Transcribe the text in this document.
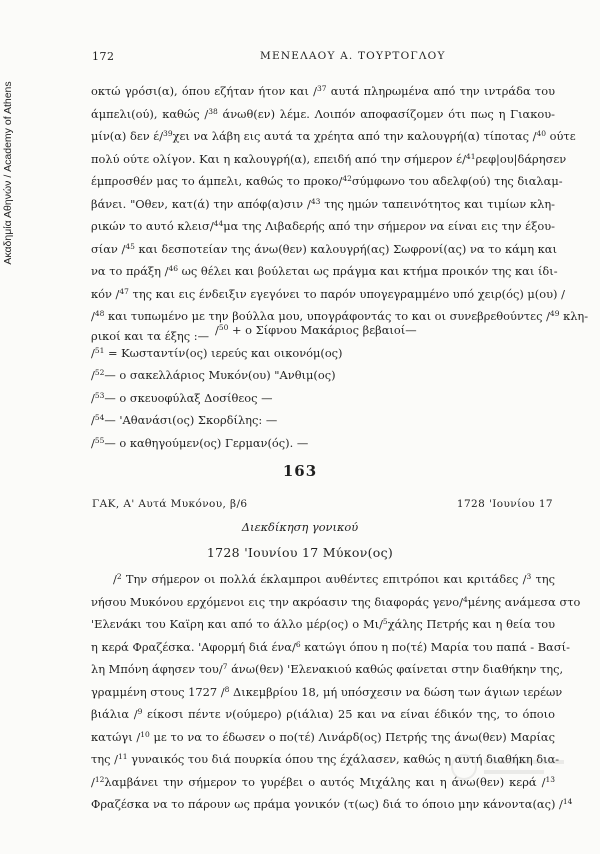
Ακαδημία Αθηνών / Academy of Athens
172	ΜΕΝΕΛΑΟΥ Α. ΤΟΥΡΤΟΓΛΟΥ
οκτώ γρόσι(α), όπου εζήταν ήτον και /$^{37}$ αυτά πληρωμένα από την ιντράδα του
άμπελι(ού), καθώς /$^{38}$ άνωθ(εν) λέμε. Λοιπόν αποφασίζομεν ότι πως η Γιακου-
μίν(α) δεν έ/$^{39}$χει να λάβη εις αυτά τα χρέητα από την καλουγρή(α) τίποτας /$^{40}$ ούτε
πολύ ούτε ολίγον. Και η καλουγρή(α), επειδή από την σήμερον έ/$^{41}$ρεφ|ου|δάρησεν
έμπροσθέν μας το άμπελι, καθώς το προκο/$^{42}$σύμφωνο του αδελφ(ού) της διαλαμ-
βάνει. "Οθεν, κατ(ά) την απόφ(α)σιν /$^{43}$ της ημών ταπεινότητος και τιμίων κλη-
ρικών το αυτό κλεισ/$^{44}$μα της Λιβαδερής από την σήμερον να είναι εις την έξου-
σίαν /$^{45}$ και δεσποτείαν της άνω(θεν) καλουγρή(ας) Σωφρονί(ας) να το κάμη και
να το πράξη /$^{46}$ ως θέλει και βούλεται ως πράγμα και κτήμα προικόν της και ίδι-
κόν /$^{47}$ της και εις ένδειξιν εγεγόνει το παρόν υπογεγραμμένο υπό χειρ(ός) μ(ου) /
/$^{48}$ και τυπωμένο με την βούλλα μου, υπογράφοντάς το και οι συνεβρεθούντες /$^{49}$ κλη-
ρικοί και τα έξης :— /$^{50}$ + ο Σίφνου Μακάριος βεβαιοί—
/$^{51}$ = Κωσταντίν(ος) ιερεύς και οικονόμ(ος)
/$^{52}$— ο σακελλάριος Μυκόν(ου) "Ανθιμ(ος)
/$^{53}$— ο σκευοφύλαξ Δοσίθεος —
/$^{54}$— 'Αθανάσι(ος) Σκορδίλης: —
/$^{55}$— ο καθηγούμεν(ος) Γερμαν(ός). —
163
ΓΑΚ, Α' Αυτά Μυκόνου, β/6	1728 'Ιουνίου 17
Διεκδίκηση γονικού
1728 'Ιουνίου 17 Μύκον(ος)
/$^2$ Την σήμερον οι πολλά έκλαμπροι αυθέντες επιτρόποι και κριτάδες /$^3$ της
νήσου Μυκόνου ερχόμενοι εις την ακρόασιν της διαφοράς γενο/$^4$μένης ανάμεσα στο
'Ελενάκι του Καϊρη και από το άλλο μέρ(ος) ο Μι/$^5$χάλης Πετρής και η θεία του
η κερά Φραζέσκα. 'Αφορμή διά ένα/$^6$ κατώγι όπου η πο(τέ) Μαρία του παπά - Βασί-
λη Μπόνη άφησεν του/$^7$ άνω(θεν) 'Ελενακιού καθώς φαίνεται στην διαθήκην της,
γραμμένη στους 1727 /$^8$ Δικεμβρίου 18, μή υπόσχεσιν να δώση των άγιων ιερέων
βιάλια /$^9$ είκοσι πέντε ν(ούμερο) ρ(ιάλια) 25 και να είναι έδικόν της, το όποιο
κατώγι /$^{10}$ με το να το έδωσεν ο πο(τέ) Λινάρδ(ος) Πετρής της άνω(θεν) Μαρίας
της /$^{11}$ γυναικός του διά πουρκία όπου της έχάλασεν, καθώς η αυτή διαθήκη δια-
/$^{12}$λαμβάνει την σήμερον το γυρέβει ο αυτός Μιχάλης και η άνω(θεν) κερά /$^{13}$
Φραζέσκα να το πάρουν ως πράμα γονικόν (τ(ως) διά το όποιο μην κάνοντα(ας) /$^{14}$
